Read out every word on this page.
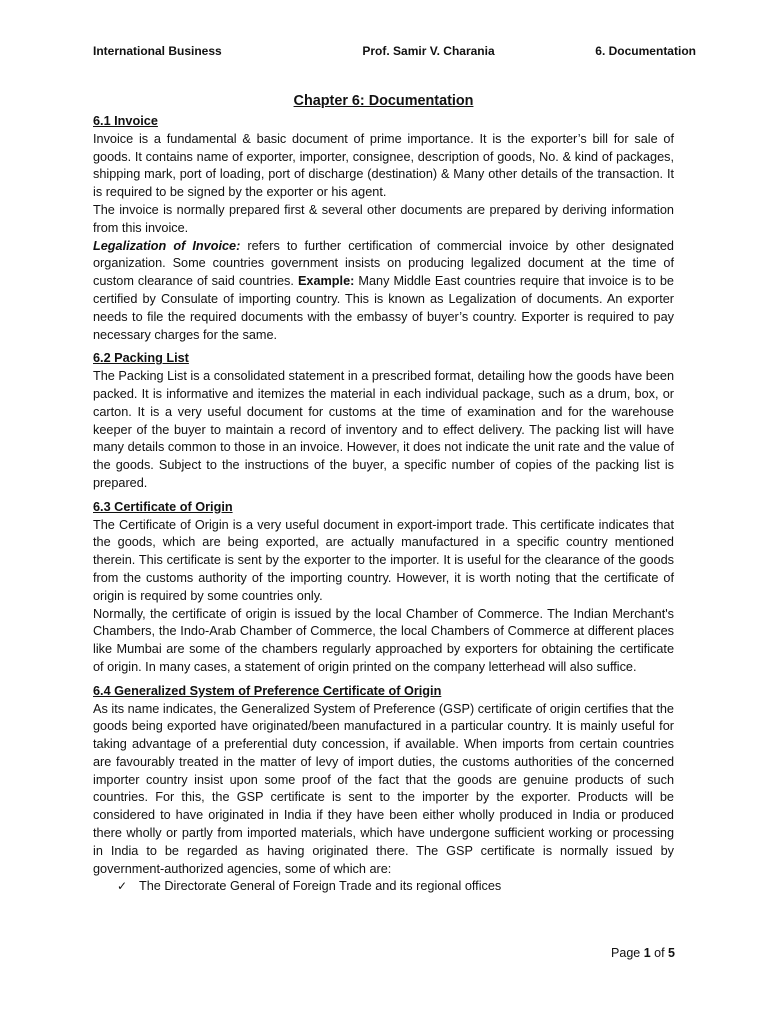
International Business	Prof. Samir V. Charania	6. Documentation
Chapter 6: Documentation
6.1 Invoice

Invoice is a fundamental & basic document of prime importance. It is the exporter’s bill for sale of goods. It contains name of exporter, importer, consignee, description of goods, No. & kind of packages, shipping mark, port of loading, port of discharge (destination) & Many other details of the transaction. It is required to be signed by the exporter or his agent.

The invoice is normally prepared first & several other documents are prepared by deriving information from this invoice.

Legalization of Invoice: refers to further certification of commercial invoice by other designated organization. Some countries government insists on producing legalized document at the time of custom clearance of said countries. Example: Many Middle East countries require that invoice is to be certified by Consulate of importing country. This is known as Legalization of documents. An exporter needs to file the required documents with the embassy of buyer’s country. Exporter is required to pay necessary charges for the same.

6.2 Packing List

The Packing List is a consolidated statement in a prescribed format, detailing how the goods have been packed. It is informative and itemizes the material in each individual package, such as a drum, box, or carton. It is a very useful document for customs at the time of examination and for the warehouse keeper of the buyer to maintain a record of inventory and to effect delivery. The packing list will have many details common to those in an invoice. However, it does not indicate the unit rate and the value of the goods. Subject to the instructions of the buyer, a specific number of copies of the packing list is prepared.

6.3 Certificate of Origin

The Certificate of Origin is a very useful document in export-import trade. This certificate indicates that the goods, which are being exported, are actually manufactured in a specific country mentioned therein. This certificate is sent by the exporter to the importer. It is useful for the clearance of the goods from the customs authority of the importing country. However, it is worth noting that the certificate of origin is required by some countries only.

Normally, the certificate of origin is issued by the local Chamber of Commerce. The Indian Merchant's Chambers, the Indo-Arab Chamber of Commerce, the local Chambers of Commerce at different places like Mumbai are some of the chambers regularly approached by exporters for obtaining the certificate of origin. In many cases, a statement of origin printed on the company letterhead will also suffice.

6.4 Generalized System of Preference Certificate of Origin

As its name indicates, the Generalized System of Preference (GSP) certificate of origin certifies that the goods being exported have originated/been manufactured in a particular country. It is mainly useful for taking advantage of a preferential duty concession, if available. When imports from certain countries are favourably treated in the matter of levy of import duties, the customs authorities of the concerned importer country insist upon some proof of the fact that the goods are genuine products of such countries. For this, the GSP certificate is sent to the importer by the exporter. Products will be considered to have originated in India if they have been either wholly produced in India or produced there wholly or partly from imported materials, which have undergone sufficient working or processing in India to be regarded as having originated there. The GSP certificate is normally issued by government-authorized agencies, some of which are:

✓ The Directorate General of Foreign Trade and its regional offices
Page 1 of 5
